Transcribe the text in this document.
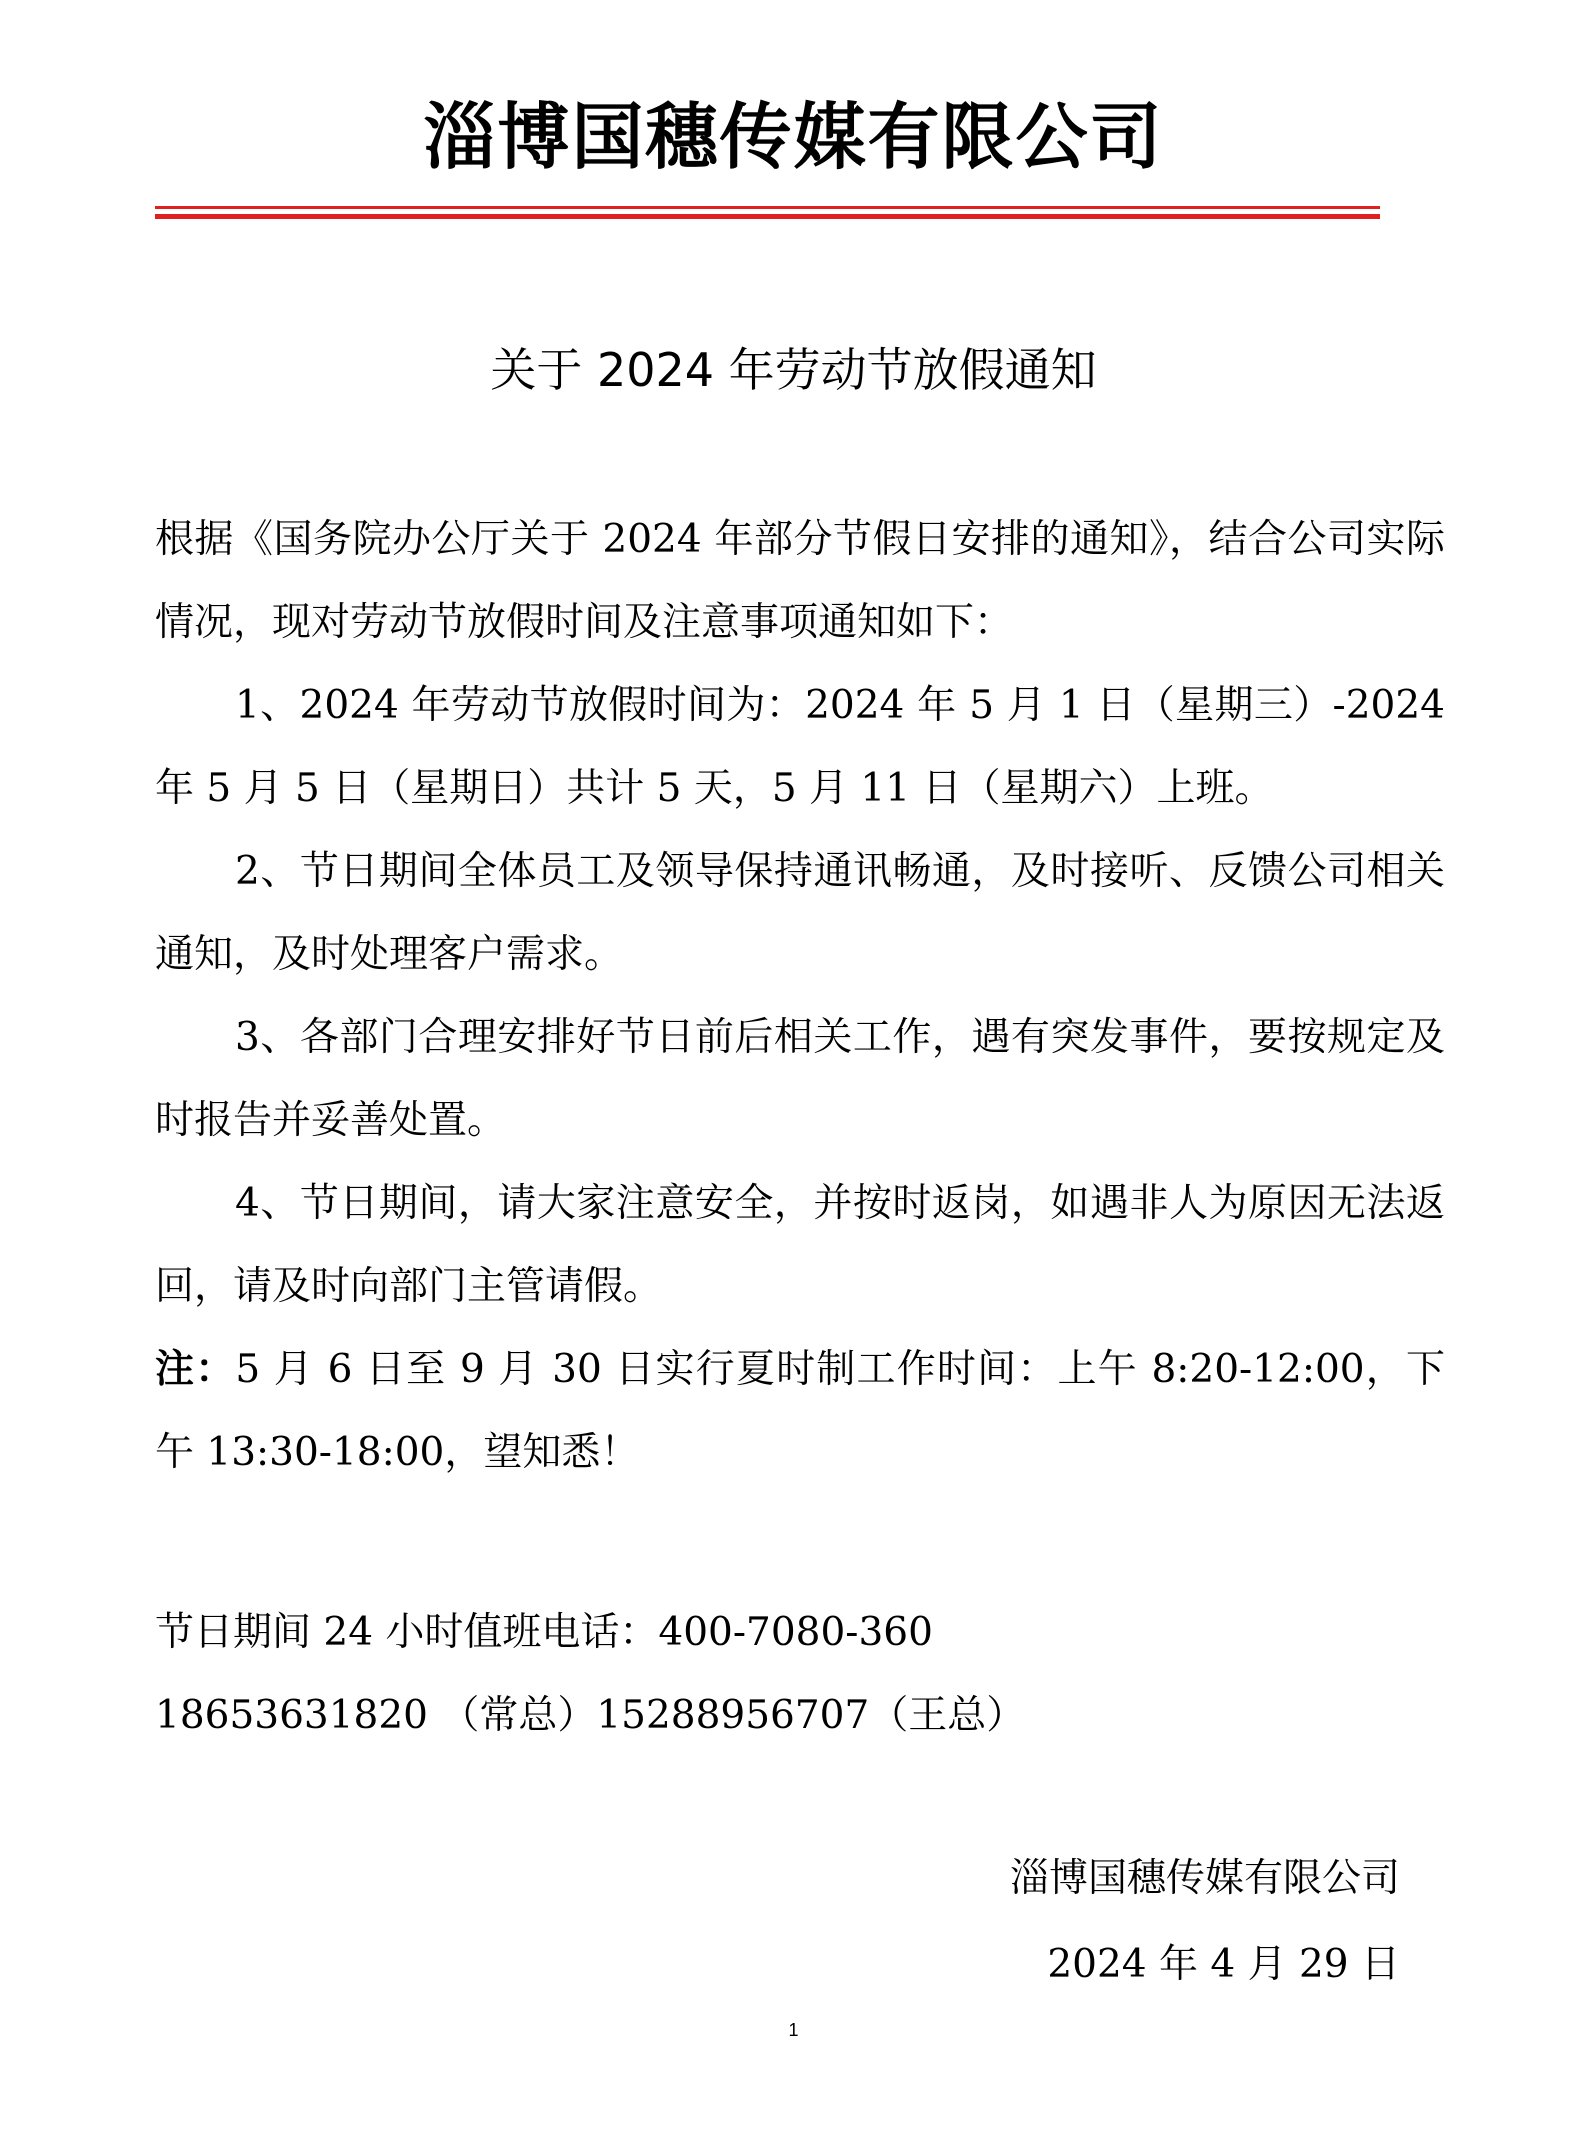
淄博国穗传媒有限公司
关于 2024 年劳动节放假通知

根据《国务院办公厅关于 2024 年部分节假日安排的通知》，结合公司实际情况，现对劳动节放假时间及注意事项通知如下：

1、2024 年劳动节放假时间为：2024 年 5 月 1 日（星期三）-2024 年 5 月 5 日（星期日）共计 5 天，5 月 11 日（星期六）上班。

2、节日期间全体员工及领导保持通讯畅通，及时接听、反馈公司相关通知，及时处理客户需求。

3、各部门合理安排好节日前后相关工作，遇有突发事件，要按规定及时报告并妥善处置。

4、节日期间，请大家注意安全，并按时返岗，如遇非人为原因无法返回，请及时向部门主管请假。

注：5 月 6 日至 9 月 30 日实行夏时制工作时间：上午 8:20-12:00，下午 13:30-18:00，望知悉！

节日期间 24 小时值班电话：400-7080-360
18653631820 （常总）15288956707（王总）
淄博国穗传媒有限公司
2024 年 4 月 29 日
1
